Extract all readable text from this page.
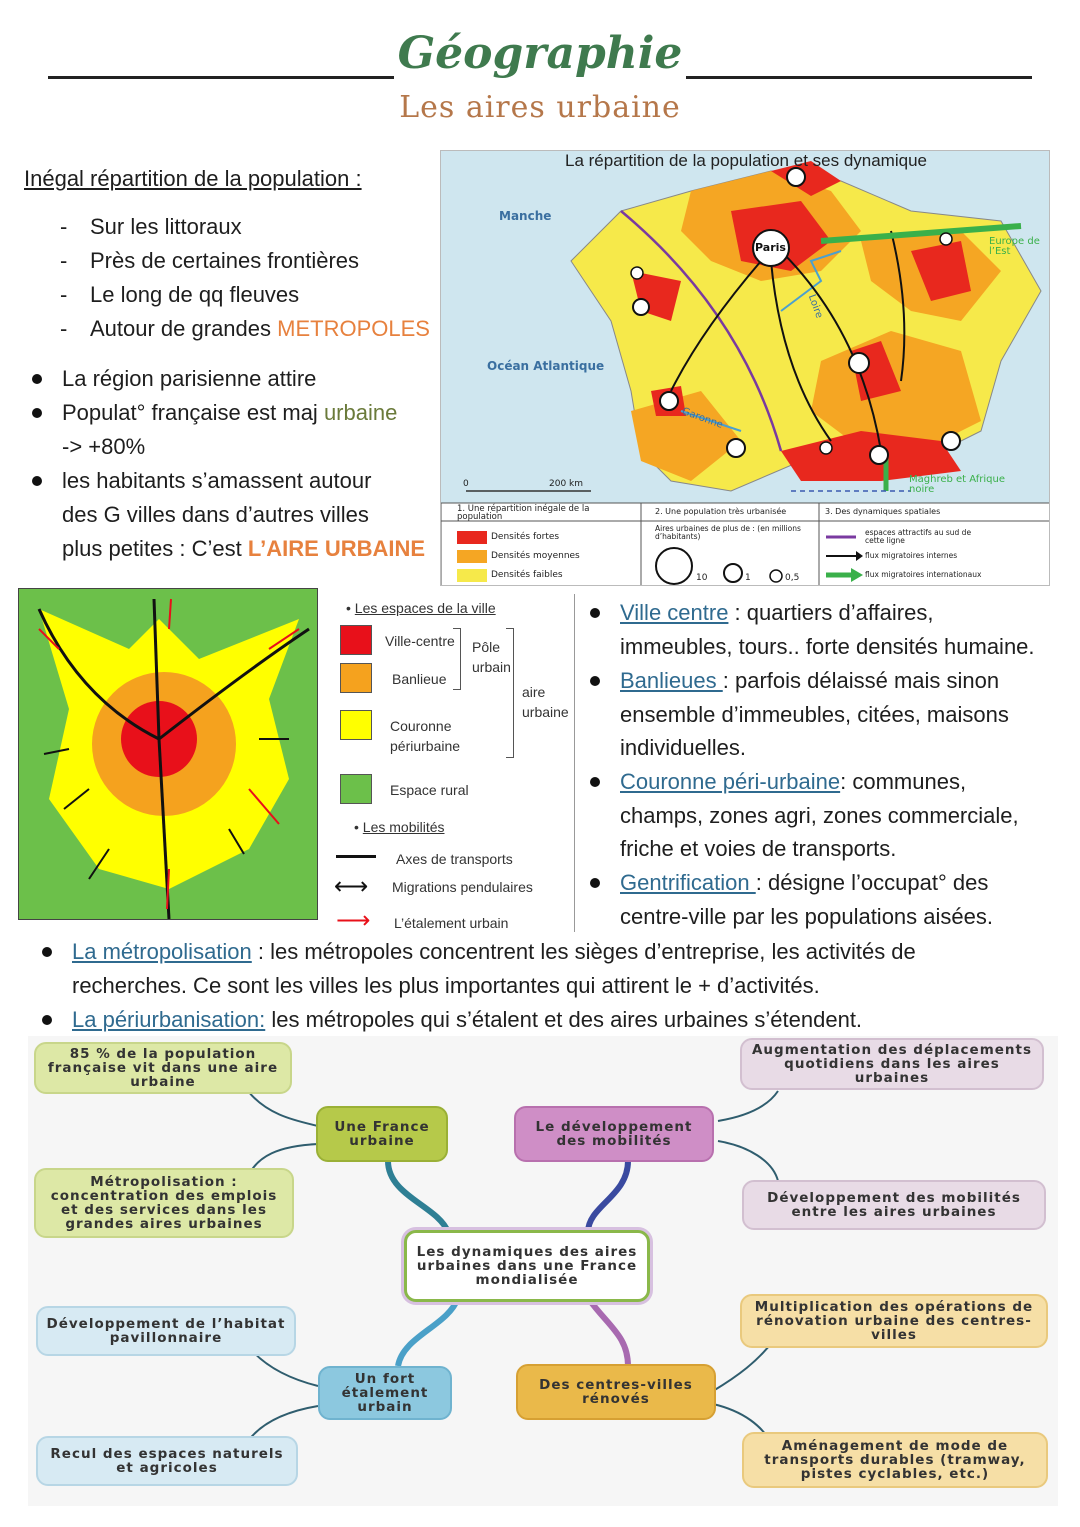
Géographie
Les aires urbaine
Inégal répartition de la population :
- Sur les littoraux
- Près de certaines frontières
- Le long de qq fleuves
- Autour de grandes METROPOLES
La région parisienne attire
Populat° française est maj urbaine
-> +80%
les habitants s’amassent autour
des G villes dans d’autres villes
plus petites : C’est L’AIRE URBAINE
La répartition de la population et ses dynamique
Manche
Océan Atlantique
Paris
Loire
Garonne
Europe de l’Est
Maghreb et Afrique noire
0	200 km
1. Une répartition inégale de la population
Densités fortes
Densités moyennes
Densités faibles
2. Une population très urbanisée
Aires urbaines de plus de : (en millions d’habitants)
10	1	0,5
3. Des dynamiques spatiales
espaces attractifs au sud de cette ligne
flux migratoires internes
flux migratoires internationaux
• Les espaces de la ville
Ville-centre
Banlieue
Pôle urbain
aire urbaine
Couronne périurbaine
Espace rural
• Les mobilités
Axes de transports
⟷ Migrations pendulaires
⟶ L’étalement urbain
Ville centre : quartiers d’affaires,
immeubles, tours.. forte densités humaine.
Banlieues : parfois délaissé mais sinon
ensemble d’immeubles, citées, maisons
individuelles.
Couronne péri-urbaine: communes,
champs, zones agri, zones commerciale,
friche et voies de transports.
Gentrification : désigne l’occupat° des
centre-ville par les populations aisées.
La métropolisation : les métropoles concentrent les sièges d’entreprise, les activités de
recherches. Ce sont les villes les plus importantes qui attirent le + d’activités.
La périurbanisation: les métropoles qui s’étalent et des aires urbaines s’étendent.
85 % de la population française vit dans une aire urbaine
Une France urbaine
Métropolisation : concentration des emplois et des services dans les grandes aires urbaines
Augmentation des déplacements quotidiens dans les aires urbaines
Le développement des mobilités
Développement des mobilités entre les aires urbaines
Les dynamiques des aires urbaines dans une France mondialisée
Développement de l’habitat pavillonnaire
Un fort étalement urbain
Recul des espaces naturels et agricoles
Multiplication des opérations de rénovation urbaine des centres-villes
Des centres-villes rénovés
Aménagement de mode de transports durables (tramway, pistes cyclables, etc.)
